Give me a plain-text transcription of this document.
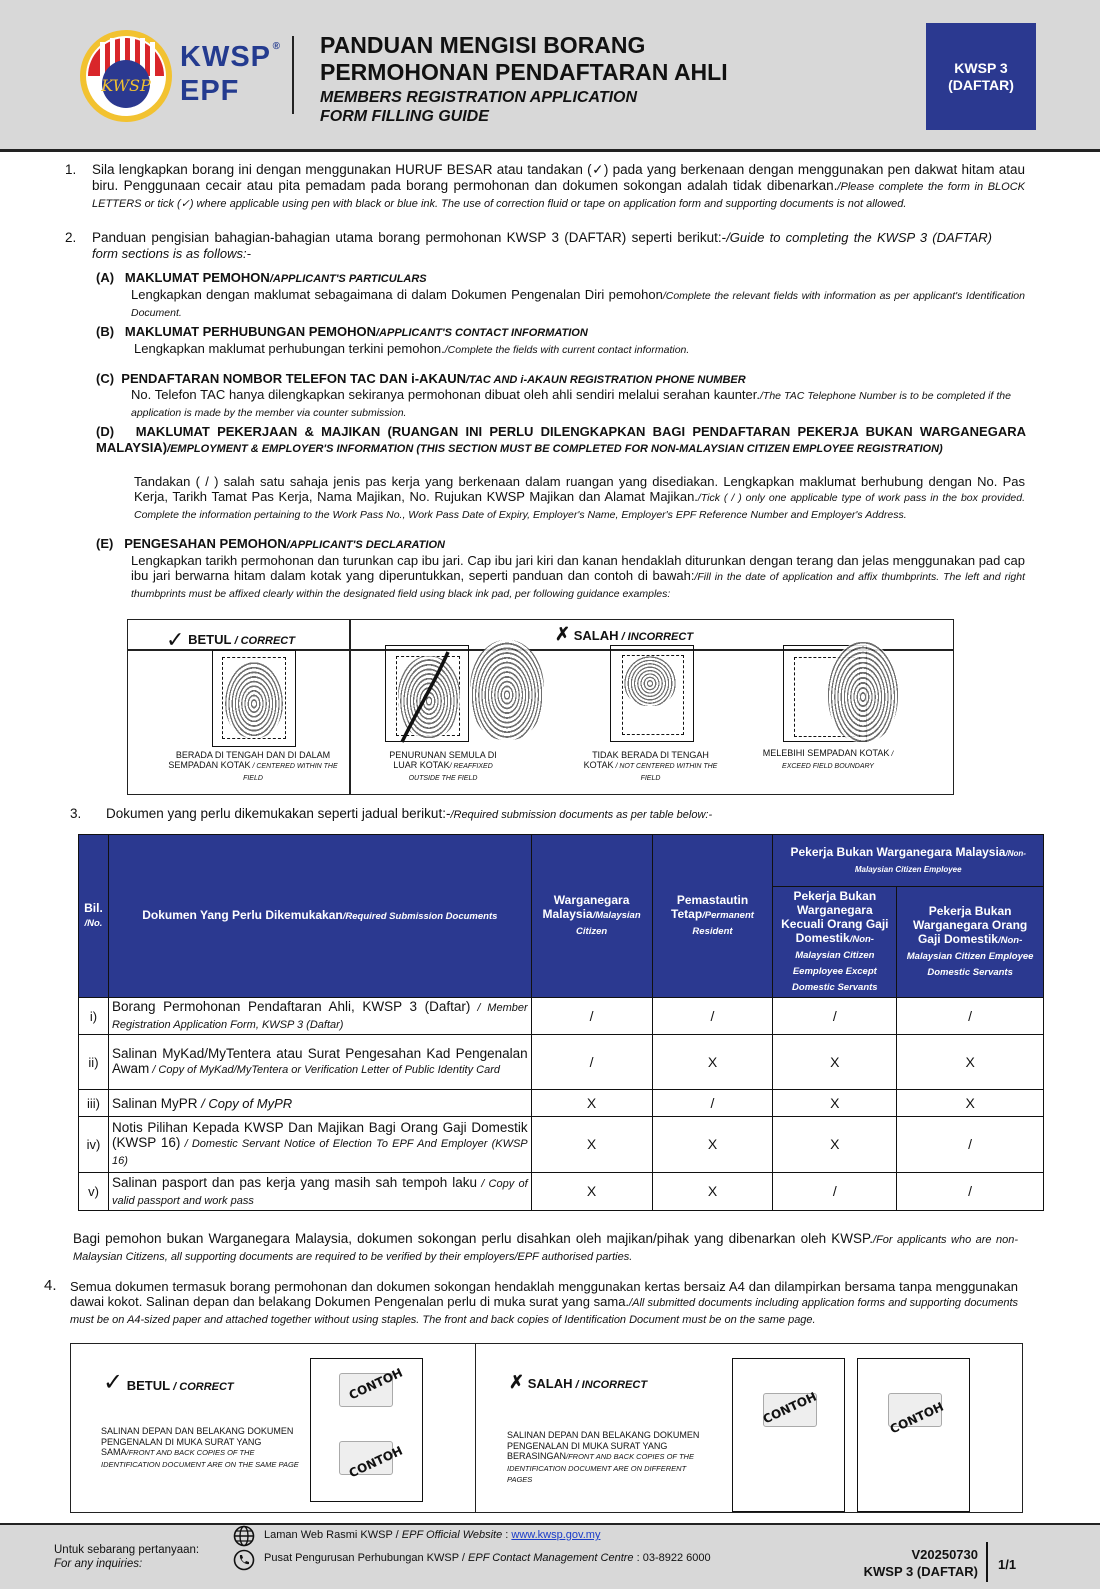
KWSP
KWSP
EPF
® PANDUAN MENGISI BORANG
PERMOHONAN PENDAFTARAN AHLI
MEMBERS REGISTRATION APPLICATION
FORM FILLING GUIDE
KWSP 3
(DAFTAR)
1. Sila lengkapkan borang ini dengan menggunakan HURUF BESAR atau tandakan (✓) pada yang berkenaan dengan menggunakan pen dakwat hitam atau biru. Penggunaan cecair atau pita pemadam pada borang permohonan dan dokumen sokongan adalah tidak dibenarkan./Please complete the form in BLOCK LETTERS or tick (✓) where applicable using pen with black or blue ink. The use of correction fluid or tape on application form and supporting documents is not allowed.
2. Panduan pengisian bahagian-bahagian utama borang permohonan KWSP 3 (DAFTAR) seperti berikut:-/Guide to completing the KWSP 3 (DAFTAR) form sections is as follows:-
(A) MAKLUMAT PEMOHON/APPLICANT'S PARTICULARS
Lengkapkan dengan maklumat sebagaimana di dalam Dokumen Pengenalan Diri pemohon/Complete the relevant fields with information as per applicant's Identification Document.
(B) MAKLUMAT PERHUBUNGAN PEMOHON/APPLICANT'S CONTACT INFORMATION
Lengkapkan maklumat perhubungan terkini pemohon./Complete the fields with current contact information.
(C) PENDAFTARAN NOMBOR TELEFON TAC DAN i-AKAUN/TAC AND i-AKAUN REGISTRATION PHONE NUMBER
No. Telefon TAC hanya dilengkapkan sekiranya permohonan dibuat oleh ahli sendiri melalui serahan kaunter./The TAC Telephone Number is to be completed if the application is made by the member via counter submission.
(D) MAKLUMAT PEKERJAAN & MAJIKAN (RUANGAN INI PERLU DILENGKAPKAN BAGI PENDAFTARAN PEKERJA BUKAN WARGANEGARA MALAYSIA)/EMPLOYMENT & EMPLOYER'S INFORMATION (THIS SECTION MUST BE COMPLETED FOR NON-MALAYSIAN CITIZEN EMPLOYEE REGISTRATION)
Tandakan ( / ) salah satu sahaja jenis pas kerja yang berkenaan dalam ruangan yang disediakan. Lengkapkan maklumat berhubung dengan No. Pas Kerja, Tarikh Tamat Pas Kerja, Nama Majikan, No. Rujukan KWSP Majikan dan Alamat Majikan./Tick ( / ) only one applicable type of work pass in the box provided. Complete the information pertaining to the Work Pass No., Work Pass Date of Expiry, Employer's Name, Employer's EPF Reference Number and Employer's Address.
(E) PENGESAHAN PEMOHON/APPLICANT'S DECLARATION
Lengkapkan tarikh permohonan dan turunkan cap ibu jari. Cap ibu jari kiri dan kanan hendaklah diturunkan dengan terang dan jelas menggunakan pad cap ibu jari berwarna hitam dalam kotak yang diperuntukkan, seperti panduan dan contoh di bawah:/Fill in the date of application and affix thumbprints. The left and right thumbprints must be affixed clearly within the designated field using black ink pad, per following guidance examples:
✓ BETUL / CORRECT	✗ SALAH / INCORRECT
BERADA DI TENGAH DAN DI DALAM SEMPADAN KOTAK / CENTERED WITHIN THE FIELD
PENURUNAN SEMULA DI LUAR KOTAK/ REAFFIXED OUTSIDE THE FIELD
TIDAK BERADA DI TENGAH KOTAK / NOT CENTERED WITHIN THE FIELD
MELEBIHI SEMPADAN KOTAK / EXCEED FIELD BOUNDARY
3. Dokumen yang perlu dikemukakan seperti jadual berikut:-/Required submission documents as per table below:-
Bil.
/No.	Dokumen Yang Perlu Dikemukakan/Required Submission Documents	Warganegara Malaysia/Malaysian Citizen	Pemastautin Tetap/Permanent Resident	Pekerja Bukan Warganegara Malaysia/Non-Malaysian Citizen Employee	
				Pekerja Bukan Warganegara Kecuali Orang Gaji Domestik/Non-Malaysian Citizen Eemployee Except Domestic Servants	Pekerja Bukan Warganegara Orang Gaji Domestik/Non-Malaysian Citizen Employee Domestic Servants
i)	Borang Permohonan Pendaftaran Ahli, KWSP 3 (Daftar) / Member Registration Application Form, KWSP 3 (Daftar)	/	/	/	/
ii)	Salinan MyKad/MyTentera atau Surat Pengesahan Kad Pengenalan Awam / Copy of MyKad/MyTentera or Verification Letter of Public Identity Card	/	X	X	X
iii)	Salinan MyPR / Copy of MyPR	X	/	X	X
iv)	Notis Pilihan Kepada KWSP Dan Majikan Bagi Orang Gaji Domestik (KWSP 16) / Domestic Servant Notice of Election To EPF And Employer (KWSP 16)	X	X	X	/
v)	Salinan pasport dan pas kerja yang masih sah tempoh laku / Copy of valid passport and work pass	X	X	/	/
Bagi pemohon bukan Warganegara Malaysia, dokumen sokongan perlu disahkan oleh majikan/pihak yang dibenarkan oleh KWSP./For applicants who are non-Malaysian Citizens, all supporting documents are required to be verified by their employers/EPF authorised parties.
4. Semua dokumen termasuk borang permohonan dan dokumen sokongan hendaklah menggunakan kertas bersaiz A4 dan dilampirkan bersama tanpa menggunakan dawai kokot. Salinan depan dan belakang Dokumen Pengenalan perlu di muka surat yang sama./All submitted documents including application forms and supporting documents must be on A4-sized paper and attached together without using staples. The front and back copies of Identification Document must be on the same page.
✓ BETUL / CORRECT
SALINAN DEPAN DAN BELAKANG DOKUMEN PENGENALAN DI MUKA SURAT YANG SAMA/FRONT AND BACK COPIES OF THE IDENTIFICATION DOCUMENT ARE ON THE SAME PAGE
CONTOH
CONTOH
✗ SALAH / INCORRECT
SALINAN DEPAN DAN BELAKANG DOKUMEN PENGENALAN DI MUKA SURAT YANG BERASINGAN/FRONT AND BACK COPIES OF THE IDENTIFICATION DOCUMENT ARE ON DIFFERENT PAGES
CONTOH	CONTOH
Untuk sebarang pertanyaan:
For any inquiries:
Laman Web Rasmi KWSP / EPF Official Website : www.kwsp.gov.my
Pusat Pengurusan Perhubungan KWSP / EPF Contact Management Centre : 03-8922 6000	V20250730
KWSP 3 (DAFTAR) 1/1
